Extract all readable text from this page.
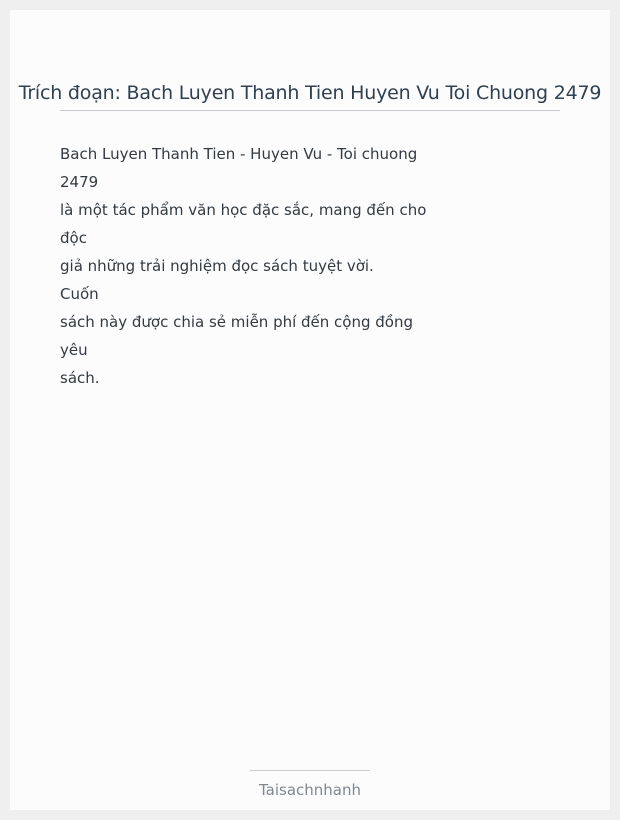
Trích đoạn: Bach Luyen Thanh Tien Huyen Vu Toi Chuong 2479
Bach Luyen Thanh Tien - Huyen Vu - Toi chuong
2479
là một tác phẩm văn học đặc sắc, mang đến cho
độc
giả những trải nghiệm đọc sách tuyệt vời.
Cuốn
sách này được chia sẻ miễn phí đến cộng đồng
yêu
sách.
Taisachnhanh
